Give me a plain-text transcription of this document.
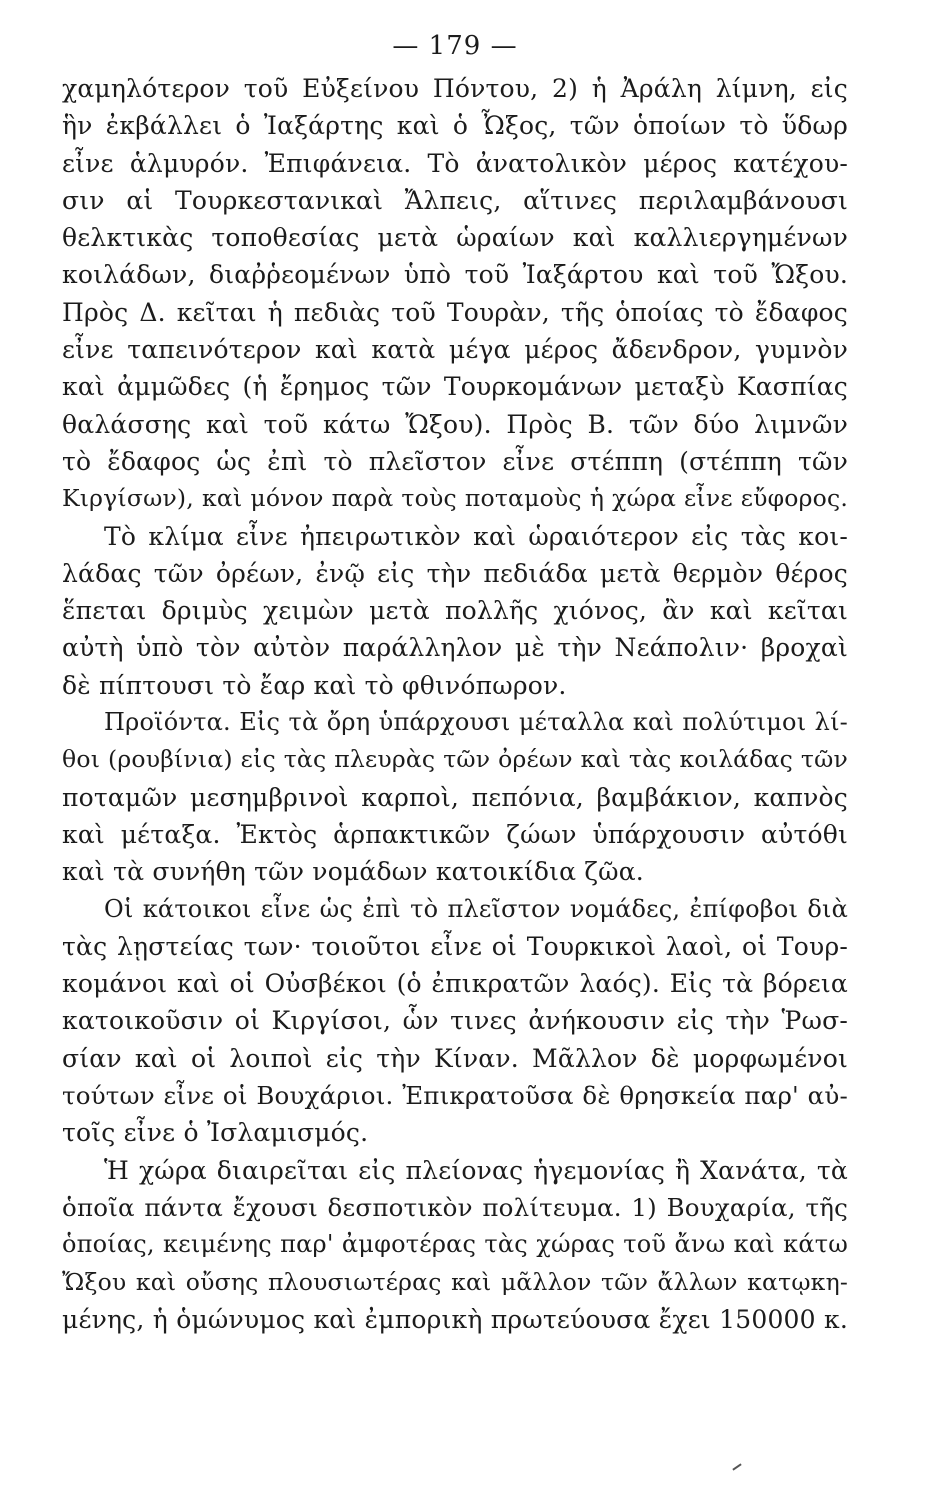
— 179 —
χαμηλότερον τοῦ Εὐξείνου Πόντου, 2) ἡ Ἀράλη λίμνη, εἰς
ἣν ἐκβάλλει ὁ Ἰαξάρτης καὶ ὁ Ὦξος, τῶν ὁποίων τὸ ὕδωρ
εἶνε ἁλμυρόν. Ἐπιφάνεια. Τὸ ἀνατολικὸν μέρος κατέχου-
σιν αἱ Τουρκεστανικαὶ Ἄλπεις, αἵτινες περιλαμβάνουσι
θελκτικὰς τοποθεσίας μετὰ ὡραίων καὶ καλλιεργημένων
κοιλάδων, διαῤῥεομένων ὑπὸ τοῦ Ἰαξάρτου καὶ τοῦ Ὤξου.
Πρὸς Δ. κεῖται ἡ πεδιὰς τοῦ Τουρὰν, τῆς ὁποίας τὸ ἔδαφος
εἶνε ταπεινότερον καὶ κατὰ μέγα μέρος ἄδενδρον, γυμνὸν
καὶ ἀμμῶδες (ἡ ἔρημος τῶν Τουρκομάνων μεταξὺ Κασπίας
θαλάσσης καὶ τοῦ κάτω Ὤξου). Πρὸς Β. τῶν δύο λιμνῶν
τὸ ἔδαφος ὡς ἐπὶ τὸ πλεῖστον εἶνε στέππη (στέππη τῶν
Κιργίσων), καὶ μόνον παρὰ τοὺς ποταμοὺς ἡ χώρα εἶνε εὔφορος.
Τὸ κλίμα εἶνε ἠπειρωτικὸν καὶ ὡραιότερον εἰς τὰς κοι-
λάδας τῶν ὀρέων, ἐνῷ εἰς τὴν πεδιάδα μετὰ θερμὸν θέρος
ἕπεται δριμὺς χειμὼν μετὰ πολλῆς χιόνος, ἂν καὶ κεῖται
αὐτὴ ὑπὸ τὸν αὐτὸν παράλληλον μὲ τὴν Νεάπολιν· βροχαὶ
δὲ πίπτουσι τὸ ἔαρ καὶ τὸ φθινόπωρον.
Προϊόντα. Εἰς τὰ ὄρη ὑπάρχουσι μέταλλα καὶ πολύτιμοι λί-
θοι (ρουβίνια) εἰς τὰς πλευρὰς τῶν ὀρέων καὶ τὰς κοιλάδας τῶν
ποταμῶν μεσημβρινοὶ καρποὶ, πεπόνια, βαμβάκιον, καπνὸς
καὶ μέταξα. Ἐκτὸς ἁρπακτικῶν ζώων ὑπάρχουσιν αὐτόθι
καὶ τὰ συνήθη τῶν νομάδων κατοικίδια ζῶα.
Οἱ κάτοικοι εἶνε ὡς ἐπὶ τὸ πλεῖστον νομάδες, ἐπίφοβοι διὰ
τὰς λῃστείας των· τοιοῦτοι εἶνε οἱ Τουρκικοὶ λαοὶ, οἱ Τουρ-
κομάνοι καὶ οἱ Οὐσβέκοι (ὁ ἐπικρατῶν λαός). Εἰς τὰ βόρεια
κατοικοῦσιν οἱ Κιργίσοι, ὧν τινες ἀνήκουσιν εἰς τὴν Ῥωσ-
σίαν καὶ οἱ λοιποὶ εἰς τὴν Κίναν. Μᾶλλον δὲ μορφωμένοι
τούτων εἶνε οἱ Βουχάριοι. Ἐπικρατοῦσα δὲ θρησκεία παρ' αὐ-
τοῖς εἶνε ὁ Ἰσλαμισμός.
Ἡ χώρα διαιρεῖται εἰς πλείονας ἡγεμονίας ἢ Χανάτα, τὰ
ὁποῖα πάντα ἔχουσι δεσποτικὸν πολίτευμα. 1) Βουχαρία, τῆς
ὁποίας, κειμένης παρ' ἀμφοτέρας τὰς χώρας τοῦ ἄνω καὶ κάτω
Ὤξου καὶ οὔσης πλουσιωτέρας καὶ μᾶλλον τῶν ἄλλων κατῳκη-
μένης, ἡ ὁμώνυμος καὶ ἐμπορικὴ πρωτεύουσα ἔχει 150000 κ.
